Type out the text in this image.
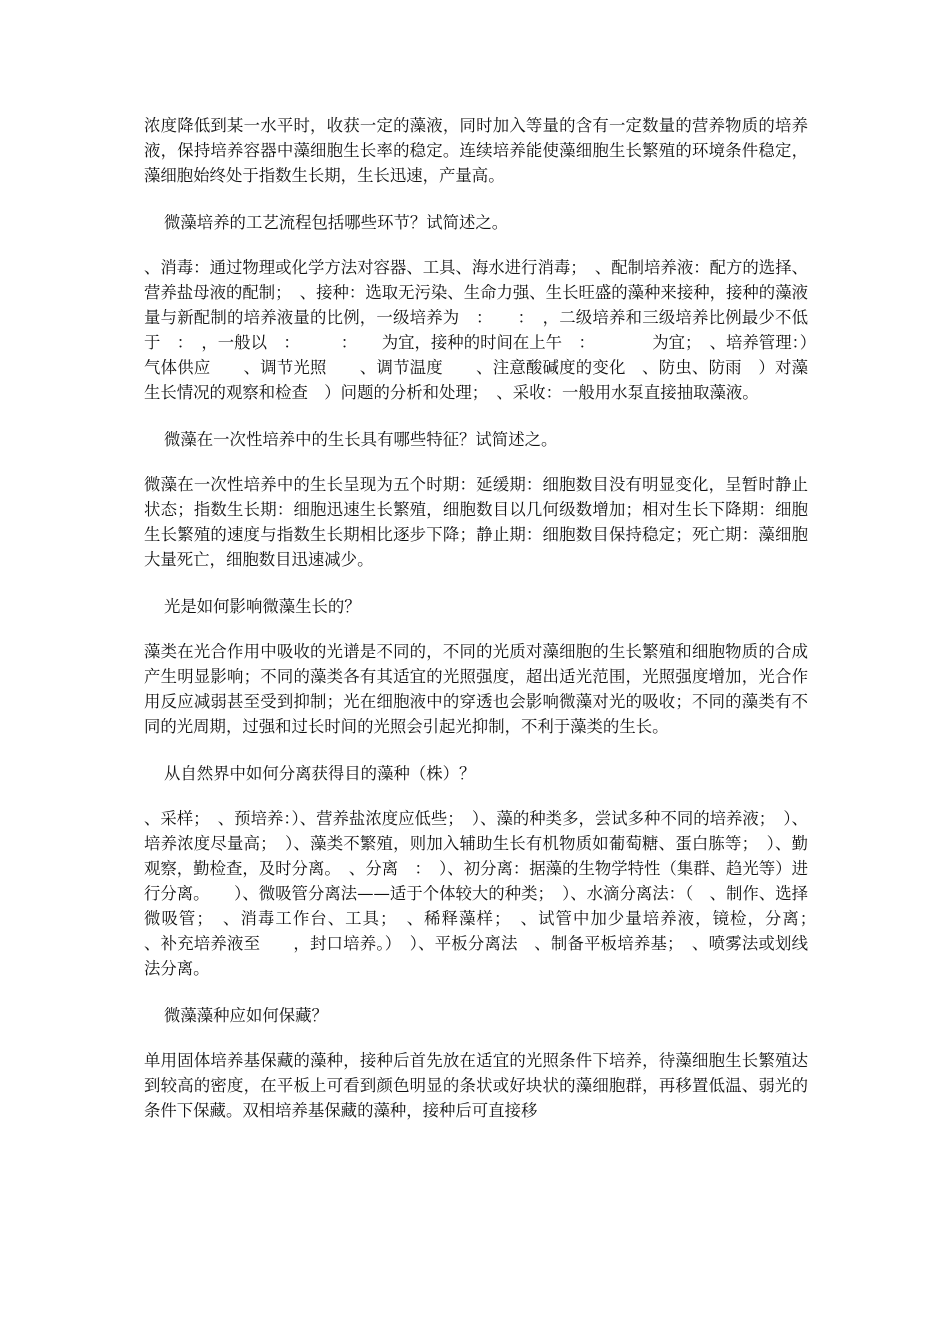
浓度降低到某一水平时，收获一定的藻液，同时加入等量的含有一定数量的营养物质的培养液，保持培养容器中藻细胞生长率的稳定。连续培养能使藻细胞生长繁殖的环境条件稳定，藻细胞始终处于指数生长期，生长迅速，产量高。

微藻培养的工艺流程包括哪些环节？试简述之。

、消毒：通过物理或化学方法对容器、工具、海水进行消毒；　、配制培养液：配方的选择、营养盐母液的配制；　、接种：选取无污染、生命力强、生长旺盛的藻种来接种，接种的藻液量与新配制的培养液量的比例，一级培养为　：　　：　，二级培养和三级培养比例最少不低于　：　，一般以　：　　　：　　为宜，接种的时间在上午　：　　　　为宜；　、培养管理：）气体供应　　、调节光照　　、调节温度　　、注意酸碱度的变化　、防虫、防雨　）对藻生长情况的观察和检查　）问题的分析和处理；　、采收：一般用水泵直接抽取藻液。

微藻在一次性培养中的生长具有哪些特征？试简述之。

微藻在一次性培养中的生长呈现为五个时期：延缓期：细胞数目没有明显变化，呈暂时静止状态；指数生长期：细胞迅速生长繁殖，细胞数目以几何级数增加；相对生长下降期：细胞生长繁殖的速度与指数生长期相比逐步下降；静止期：细胞数目保持稳定；死亡期：藻细胞大量死亡，细胞数目迅速减少。

光是如何影响微藻生长的？

藻类在光合作用中吸收的光谱是不同的，不同的光质对藻细胞的生长繁殖和细胞物质的合成产生明显影响；不同的藻类各有其适宜的光照强度，超出适光范围，光照强度增加，光合作用反应减弱甚至受到抑制；光在细胞液中的穿透也会影响微藻对光的吸收；不同的藻类有不同的光周期，过强和过长时间的光照会引起光抑制，不利于藻类的生长。

从自然界中如何分离获得目的藻种（株）？

、采样；　、预培养：）、营养盐浓度应低些；　）、藻的种类多，尝试多种不同的培养液；　）、培养浓度尽量高；　）、藻类不繁殖，则加入辅助生长有机物质如葡萄糖、蛋白胨等；　）、勤观察，勤检查，及时分离。　、分离　：　）、初分离：据藻的生物学特性（集群、趋光等）进行分离。　　）、微吸管分离法——适于个体较大的种类；　）、水滴分离法：（　、制作、选择微吸管；　、消毒工作台、工具；　、稀释藻样；　、试管中加少量培养液，镜检，分离；　　、补充培养液至　　，封口培养。）　）、平板分离法　、制备平板培养基；　、喷雾法或划线法分离。

微藻藻种应如何保藏？

单用固体培养基保藏的藻种，接种后首先放在适宜的光照条件下培养，待藻细胞生长繁殖达到较高的密度，在平板上可看到颜色明显的条状或好块状的藻细胞群，再移置低温、弱光的条件下保藏。双相培养基保藏的藻种，接种后可直接移
